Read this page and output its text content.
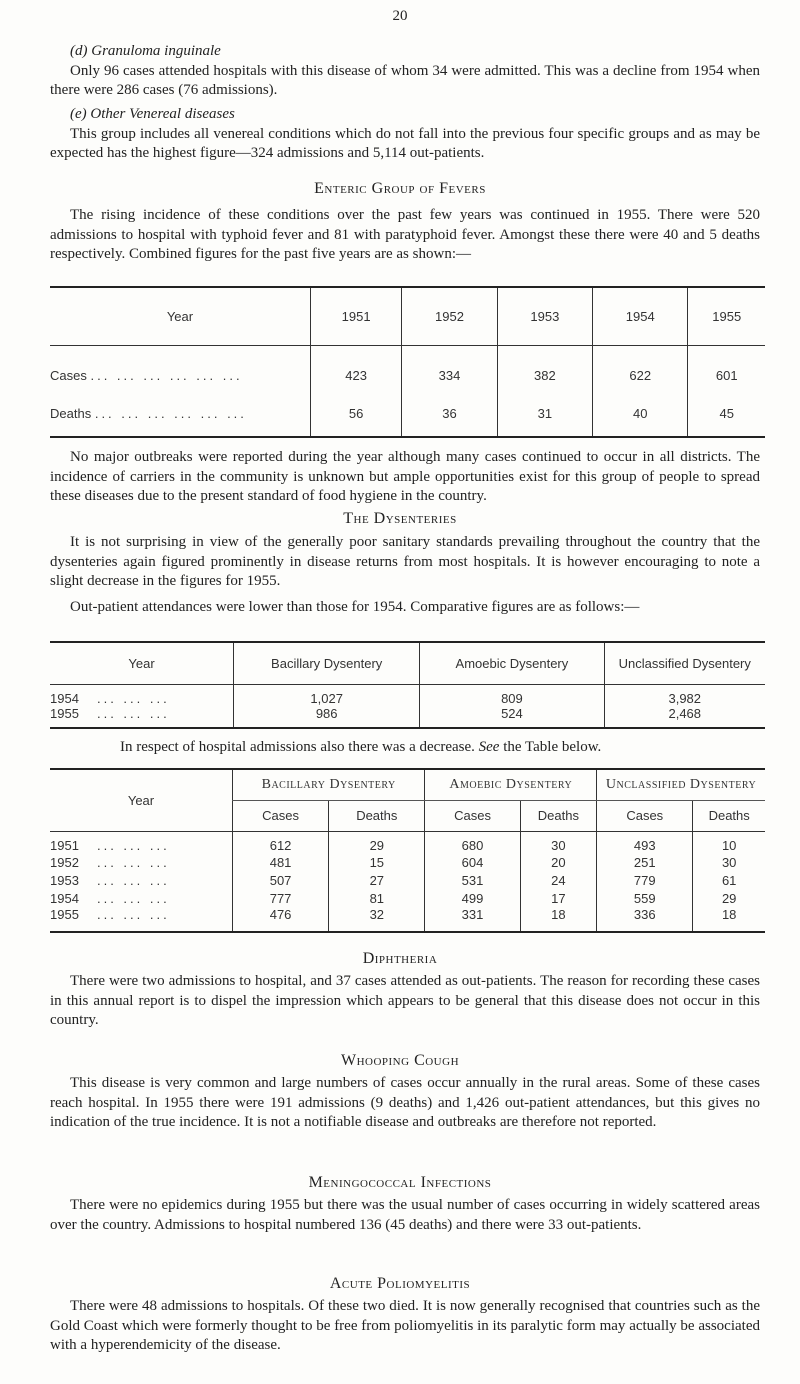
20

(d) Granuloma inguinale

Only 96 cases attended hospitals with this disease of whom 34 were admitted. This was a decline from 1954 when there were 286 cases (76 admissions).

(e) Other Venereal diseases

This group includes all venereal conditions which do not fall into the previous four specific groups and as may be expected has the highest figure—324 admissions and 5,114 out-patients.

Enteric Group of Fevers

The rising incidence of these conditions over the past few years was continued in 1955. There were 520 admissions to hospital with typhoid fever and 81 with paratyphoid fever. Amongst these there were 40 and 5 deaths respectively. Combined figures for the past five years are as shown:—

Year	1951	1952	1953	1954	1955
Cases ... ... ... ... ... ...	423	334	382	622	601
Deaths ... ... ... ... ... ...	56	36	31	40	45

No major outbreaks were reported during the year although many cases continued to occur in all districts. The incidence of carriers in the community is unknown but ample opportunities exist for this group of people to spread these diseases due to the present standard of food hygiene in the country.

The Dysenteries

It is not surprising in view of the generally poor sanitary standards prevailing throughout the country that the dysenteries again figured prominently in disease returns from most hospitals. It is however encouraging to note a slight decrease in the figures for 1955.

Out-patient attendances were lower than those for 1954. Comparative figures are as follows:—

Year	Bacillary Dysentery	Amoebic Dysentery	Unclassified Dysentery
1954 ... ... ...	1,027	809	3,982
1955 ... ... ...	986	524	2,468

In respect of hospital admissions also there was a decrease. See the Table below.

Year	Bacillary Dysentery		Amoebic Dysentery		Unclassified Dysentery	
	Cases	Deaths	Cases	Deaths	Cases	Deaths
1951 ... ... ...	612	29	680	30	493	10
1952 ... ... ...	481	15	604	20	251	30
1953 ... ... ...	507	27	531	24	779	61
1954 ... ... ...	777	81	499	17	559	29
1955 ... ... ...	476	32	331	18	336	18
Diphtheria

There were two admissions to hospital, and 37 cases attended as out-patients. The reason for recording these cases in this annual report is to dispel the impression which appears to be general that this disease does not occur in this country.

Whooping Cough

This disease is very common and large numbers of cases occur annually in the rural areas. Some of these cases reach hospital. In 1955 there were 191 admissions (9 deaths) and 1,426 out-patient attendances, but this gives no indication of the true incidence. It is not a notifiable disease and outbreaks are therefore not reported.

Meningococcal Infections

There were no epidemics during 1955 but there was the usual number of cases occurring in widely scattered areas over the country. Admissions to hospital numbered 136 (45 deaths) and there were 33 out-patients.

Acute Poliomyelitis

There were 48 admissions to hospitals. Of these two died. It is now generally recognised that countries such as the Gold Coast which were formerly thought to be free from poliomyelitis in its paralytic form may actually be associated with a hyperendemicity of the disease.
